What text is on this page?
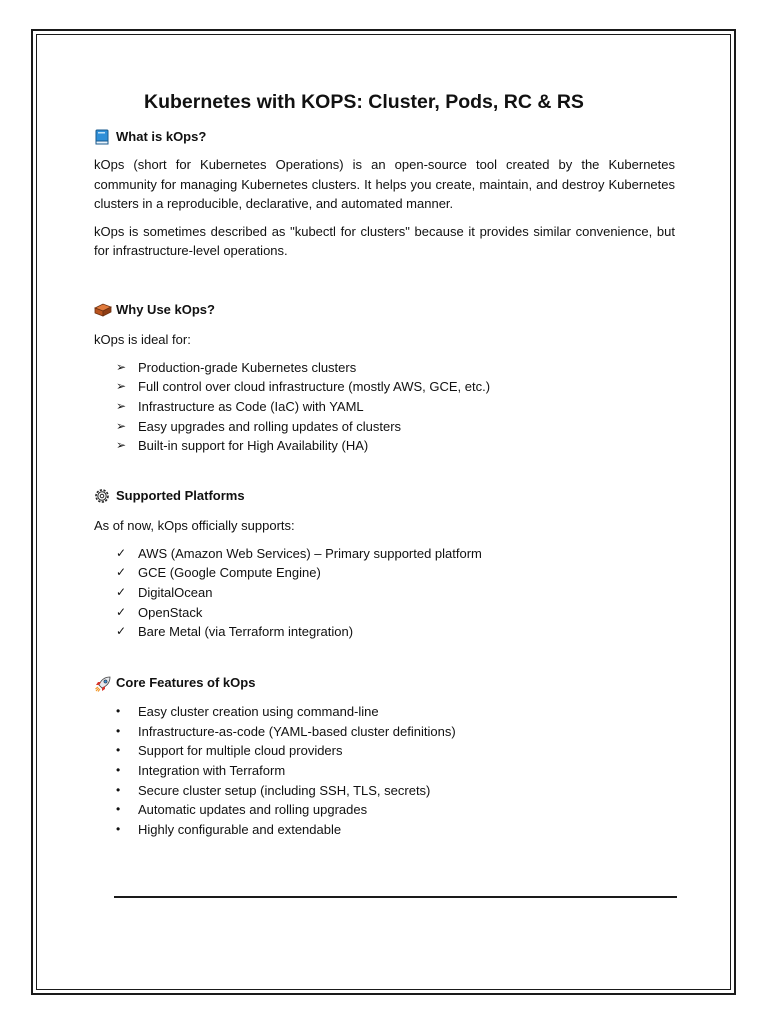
Kubernetes with KOPS: Cluster, Pods, RC & RS
What is kOps?

kOps (short for Kubernetes Operations) is an open-source tool created by the Kubernetes community for managing Kubernetes clusters. It helps you create, maintain, and destroy Kubernetes clusters in a reproducible, declarative, and automated manner.

kOps is sometimes described as "kubectl for clusters" because it provides similar convenience, but for infrastructure-level operations.

Why Use kOps?

kOps is ideal for:

➢ Production-grade Kubernetes clusters
➢ Full control over cloud infrastructure (mostly AWS, GCE, etc.)
➢ Infrastructure as Code (IaC) with YAML
➢ Easy upgrades and rolling updates of clusters
➢ Built-in support for High Availability (HA)
Supported Platforms

As of now, kOps officially supports:

✓ AWS (Amazon Web Services) – Primary supported platform
✓ GCE (Google Compute Engine)
✓ DigitalOcean
✓ OpenStack
✓ Bare Metal (via Terraform integration)
Core Features of kOps
•	Easy cluster creation using command-line
•	Infrastructure-as-code (YAML-based cluster definitions)
•	Support for multiple cloud providers
•	Integration with Terraform
•	Secure cluster setup (including SSH, TLS, secrets)
•	Automatic updates and rolling upgrades
•	Highly configurable and extendable
